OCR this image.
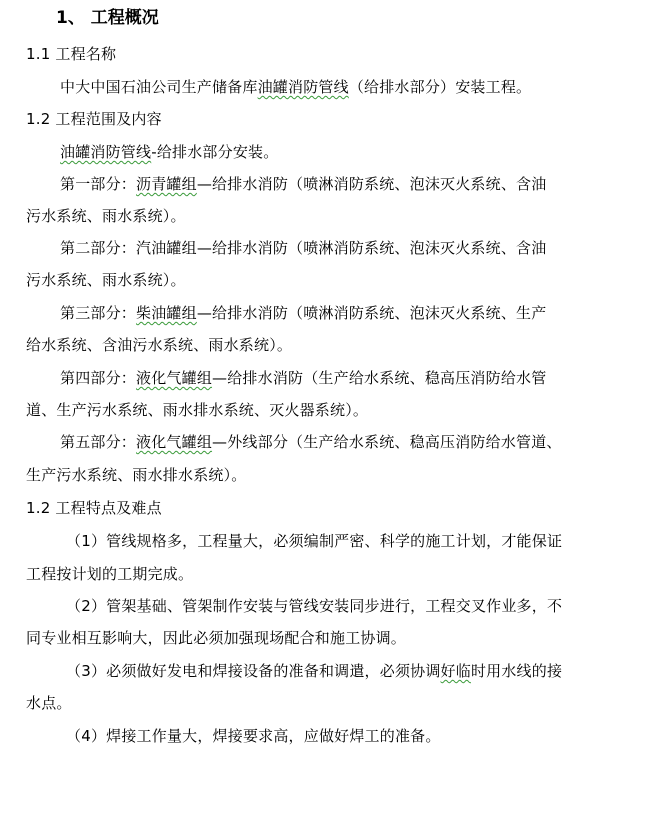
1、 工程概况
1.1 工程名称
中大中国石油公司生产储备库油罐消防管线（给排水部分）安装工程。
1.2 工程范围及内容
油罐消防管线-给排水部分安装。
第一部分：沥青罐组—给排水消防（喷淋消防系统、泡沫灭火系统、含油
污水系统、雨水系统）。
第二部分：汽油罐组—给排水消防（喷淋消防系统、泡沫灭火系统、含油
污水系统、雨水系统）。
第三部分：柴油罐组—给排水消防（喷淋消防系统、泡沫灭火系统、生产
给水系统、含油污水系统、雨水系统）。
第四部分：液化气罐组—给排水消防（生产给水系统、稳高压消防给水管
道、生产污水系统、雨水排水系统、灭火器系统）。
第五部分：液化气罐组—外线部分（生产给水系统、稳高压消防给水管道、
生产污水系统、雨水排水系统）。
1.2 工程特点及难点
（1）管线规格多，工程量大，必须编制严密、科学的施工计划，才能保证
工程按计划的工期完成。
（2）管架基础、管架制作安装与管线安装同步进行，工程交叉作业多，不
同专业相互影响大，因此必须加强现场配合和施工协调。
（3）必须做好发电和焊接设备的准备和调遣，必须协调好临时用水线的接
水点。
（4）焊接工作量大，焊接要求高，应做好焊工的准备。
